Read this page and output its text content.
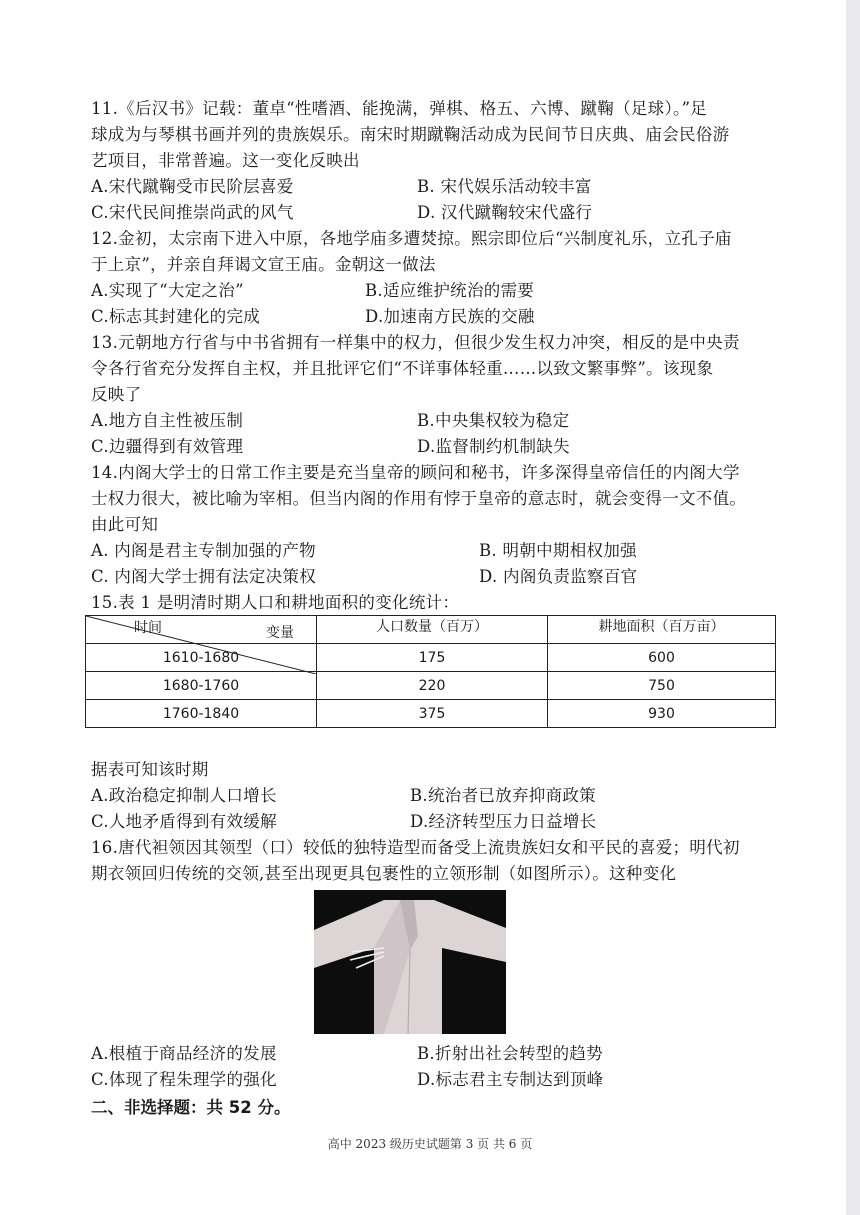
11.《后汉书》记载：董卓“性嗜酒、能挽满，弹棋、格五、六博、蹴鞠（足球）。”足
球成为与琴棋书画并列的贵族娱乐。南宋时期蹴鞠活动成为民间节日庆典、庙会民俗游
艺项目，非常普遍。这一变化反映出
A.宋代蹴鞠受市民阶层喜爱	B. 宋代娱乐活动较丰富
C.宋代民间推崇尚武的风气	D. 汉代蹴鞠较宋代盛行
12.金初，太宗南下进入中原，各地学庙多遭焚掠。熙宗即位后“兴制度礼乐，立孔子庙
于上京”，并亲自拜谒文宣王庙。金朝这一做法
A.实现了“大定之治”	B.适应维护统治的需要
C.标志其封建化的完成	D.加速南方民族的交融
13.元朝地方行省与中书省拥有一样集中的权力，但很少发生权力冲突，相反的是中央责
令各行省充分发挥自主权，并且批评它们“不详事体轻重……以致文繁事弊”。该现象
反映了
A.地方自主性被压制	B.中央集权较为稳定
C.边疆得到有效管理	D.监督制约机制缺失
14.内阁大学士的日常工作主要是充当皇帝的顾问和秘书，许多深得皇帝信任的内阁大学
士权力很大，被比喻为宰相。但当内阁的作用有悖于皇帝的意志时，就会变得一文不值。
由此可知
A. 内阁是君主专制加强的产物	B. 明朝中期相权加强
C. 内阁大学士拥有法定决策权	D. 内阁负责监察百官
15.表 1 是明清时期人口和耕地面积的变化统计：
变量
时间	人口数量（百万）	耕地面积（百万亩）
1610-1680	175	600
1680-1760	220	750
1760-1840	375	930
据表可知该时期
A.政治稳定抑制人口增长	B.统治者已放弃抑商政策
C.人地矛盾得到有效缓解	D.经济转型压力日益增长
16.唐代袒领因其领型（口）较低的独特造型而备受上流贵族妇女和平民的喜爱；明代初
期衣领回归传统的交领,甚至出现更具包裹性的立领形制（如图所示）。这种变化
A.根植于商品经济的发展	B.折射出社会转型的趋势
C.体现了程朱理学的强化	D.标志君主专制达到顶峰
二、非选择题：共 52 分。
高中 2023 级历史试题第 3 页 共 6 页
